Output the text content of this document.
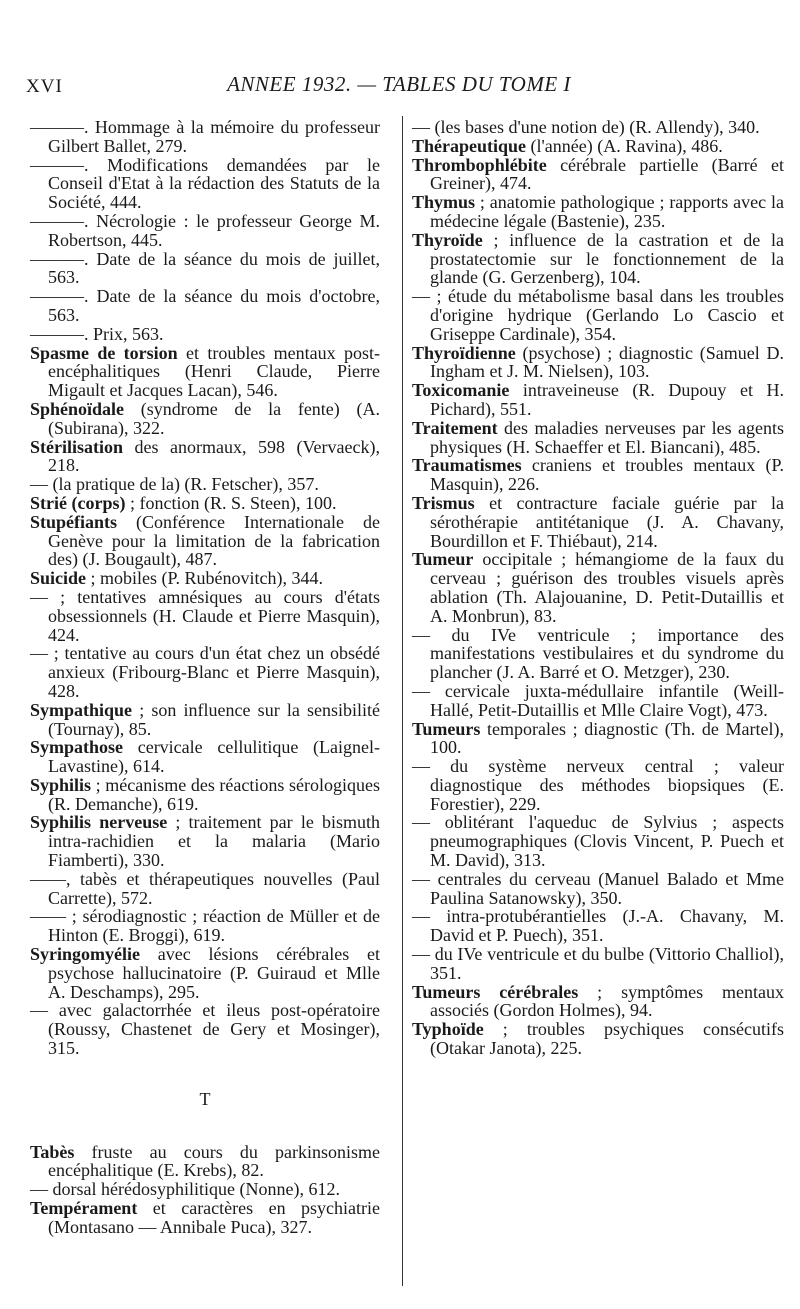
XVI	ANNEE 1932. — TABLES DU TOME I

———. Hommage à la mémoire du professeur Gilbert Ballet, 279.

———. Modifications demandées par le Conseil d'Etat à la rédaction des Statuts de la Société, 444.

———. Nécrologie : le professeur George M. Robertson, 445.

———. Date de la séance du mois de juillet, 563.

———. Date de la séance du mois d'octobre, 563.

———. Prix, 563.

Spasme de torsion et troubles mentaux post-encéphalitiques (Henri Claude, Pierre Migault et Jacques Lacan), 546.

Sphénoïdale (syndrome de la fente) (A. (Subirana), 322.

Stérilisation des anormaux, 598 (Vervaeck), 218.

— (la pratique de la) (R. Fetscher), 357.

Strié (corps) ; fonction (R. S. Steen), 100.

Stupéfiants (Conférence Internationale de Genève pour la limitation de la fabrication des) (J. Bougault), 487.

Suicide ; mobiles (P. Rubénovitch), 344.

— ; tentatives amnésiques au cours d'états obsessionnels (H. Claude et Pierre Masquin), 424.

— ; tentative au cours d'un état chez un obsédé anxieux (Fribourg-Blanc et Pierre Masquin), 428.

Sympathique ; son influence sur la sensibilité (Tournay), 85.

Sympathose cervicale cellulitique (Laignel-Lavastine), 614.

Syphilis ; mécanisme des réactions sérologiques (R. Demanche), 619.

Syphilis nerveuse ; traitement par le bismuth intra-rachidien et la malaria (Mario Fiamberti), 330.

——, tabès et thérapeutiques nouvelles (Paul Carrette), 572.

—— ; sérodiagnostic ; réaction de Müller et de Hinton (E. Broggi), 619.

Syringomyélie avec lésions cérébrales et psychose hallucinatoire (P. Guiraud et Mlle A. Deschamps), 295.

— avec galactorrhée et ileus post-opératoire (Roussy, Chastenet de Gery et Mosinger), 315.

T

Tabès fruste au cours du parkinsonisme encéphalitique (E. Krebs), 82.

— dorsal hérédosyphilitique (Nonne), 612.

Tempérament et caractères en psychiatrie (Montasano — Annibale Puca), 327.

— (les bases d'une notion de) (R. Allendy), 340.

Thérapeutique (l'année) (A. Ravina), 486.

Thrombophlébite cérébrale partielle (Barré et Greiner), 474.

Thymus ; anatomie pathologique ; rapports avec la médecine légale (Bastenie), 235.

Thyroïde ; influence de la castration et de la prostatectomie sur le fonctionnement de la glande (G. Gerzenberg), 104.

— ; étude du métabolisme basal dans les troubles d'origine hydrique (Gerlando Lo Cascio et Griseppe Cardinale), 354.

Thyroïdienne (psychose) ; diagnostic (Samuel D. Ingham et J. M. Nielsen), 103.

Toxicomanie intraveineuse (R. Dupouy et H. Pichard), 551.

Traitement des maladies nerveuses par les agents physiques (H. Schaeffer et El. Biancani), 485.

Traumatismes craniens et troubles mentaux (P. Masquin), 226.

Trismus et contracture faciale guérie par la sérothérapie antitétanique (J. A. Chavany, Bourdillon et F. Thiébaut), 214.

Tumeur occipitale ; hémangiome de la faux du cerveau ; guérison des troubles visuels après ablation (Th. Alajouanine, D. Petit-Dutaillis et A. Monbrun), 83.

— du IVe ventricule ; importance des manifestations vestibulaires et du syndrome du plancher (J. A. Barré et O. Metzger), 230.

— cervicale juxta-médullaire infantile (Weill-Hallé, Petit-Dutaillis et Mlle Claire Vogt), 473.

Tumeurs temporales ; diagnostic (Th. de Martel), 100.

— du système nerveux central ; valeur diagnostique des méthodes biopsiques (E. Forestier), 229.

— oblitérant l'aqueduc de Sylvius ; aspects pneumographiques (Clovis Vincent, P. Puech et M. David), 313.

— centrales du cerveau (Manuel Balado et Mme Paulina Satanowsky), 350.

— intra-protubérantielles (J.-A. Chavany, M. David et P. Puech), 351.

— du IVe ventricule et du bulbe (Vittorio Challiol), 351.

Tumeurs cérébrales ; symptômes mentaux associés (Gordon Holmes), 94.

Typhoïde ; troubles psychiques consécutifs (Otakar Janota), 225.
